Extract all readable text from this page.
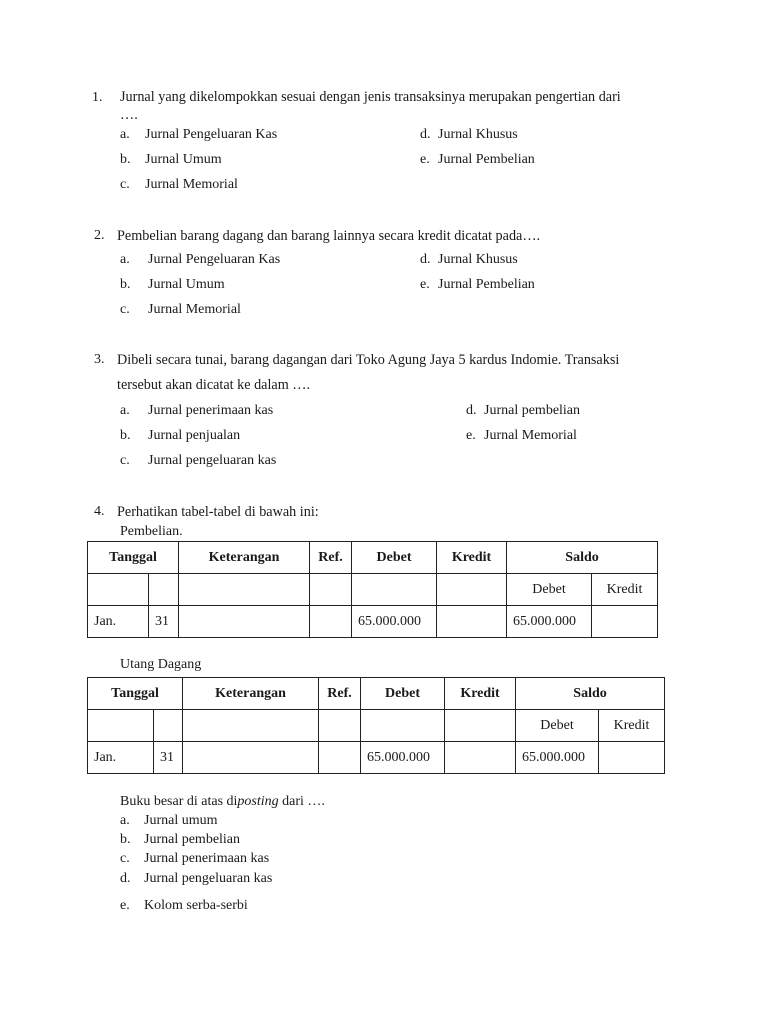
1. Jurnal yang dikelompokkan sesuai dengan jenis transaksinya merupakan pengertian dari
….
a. Jurnal Pengeluaran Kas
b. Jurnal Umum
c. Jurnal Memorial
d. Jurnal Khusus
e. Jurnal Pembelian
2. Pembelian barang dagang dan barang lainnya secara kredit dicatat pada….
a. Jurnal Pengeluaran Kas
b. Jurnal Umum
c. Jurnal Memorial
d. Jurnal Khusus
e. Jurnal Pembelian
3. Dibeli secara tunai, barang dagangan dari Toko Agung Jaya 5 kardus Indomie. Transaksi
tersebut akan dicatat ke dalam ….
a. Jurnal penerimaan kas
b. Jurnal penjualan
c. Jurnal pengeluaran kas
d. Jurnal pembelian
e. Jurnal Memorial
4. Perhatikan tabel-tabel di bawah ini:
Pembelian.
Tanggal		Keterangan	Ref.	Debet	Kredit	Saldo	
						Debet	Kredit
Jan.	31			65.000.000		65.000.000	
Utang Dagang
Tanggal		Keterangan	Ref.	Debet	Kredit	Saldo	
						Debet	Kredit
Jan.	31			65.000.000		65.000.000	
Buku besar di atas diposting dari ….
a. Jurnal umum
b. Jurnal pembelian
c. Jurnal penerimaan kas
d. Jurnal pengeluaran kas
e. Kolom serba-serbi
